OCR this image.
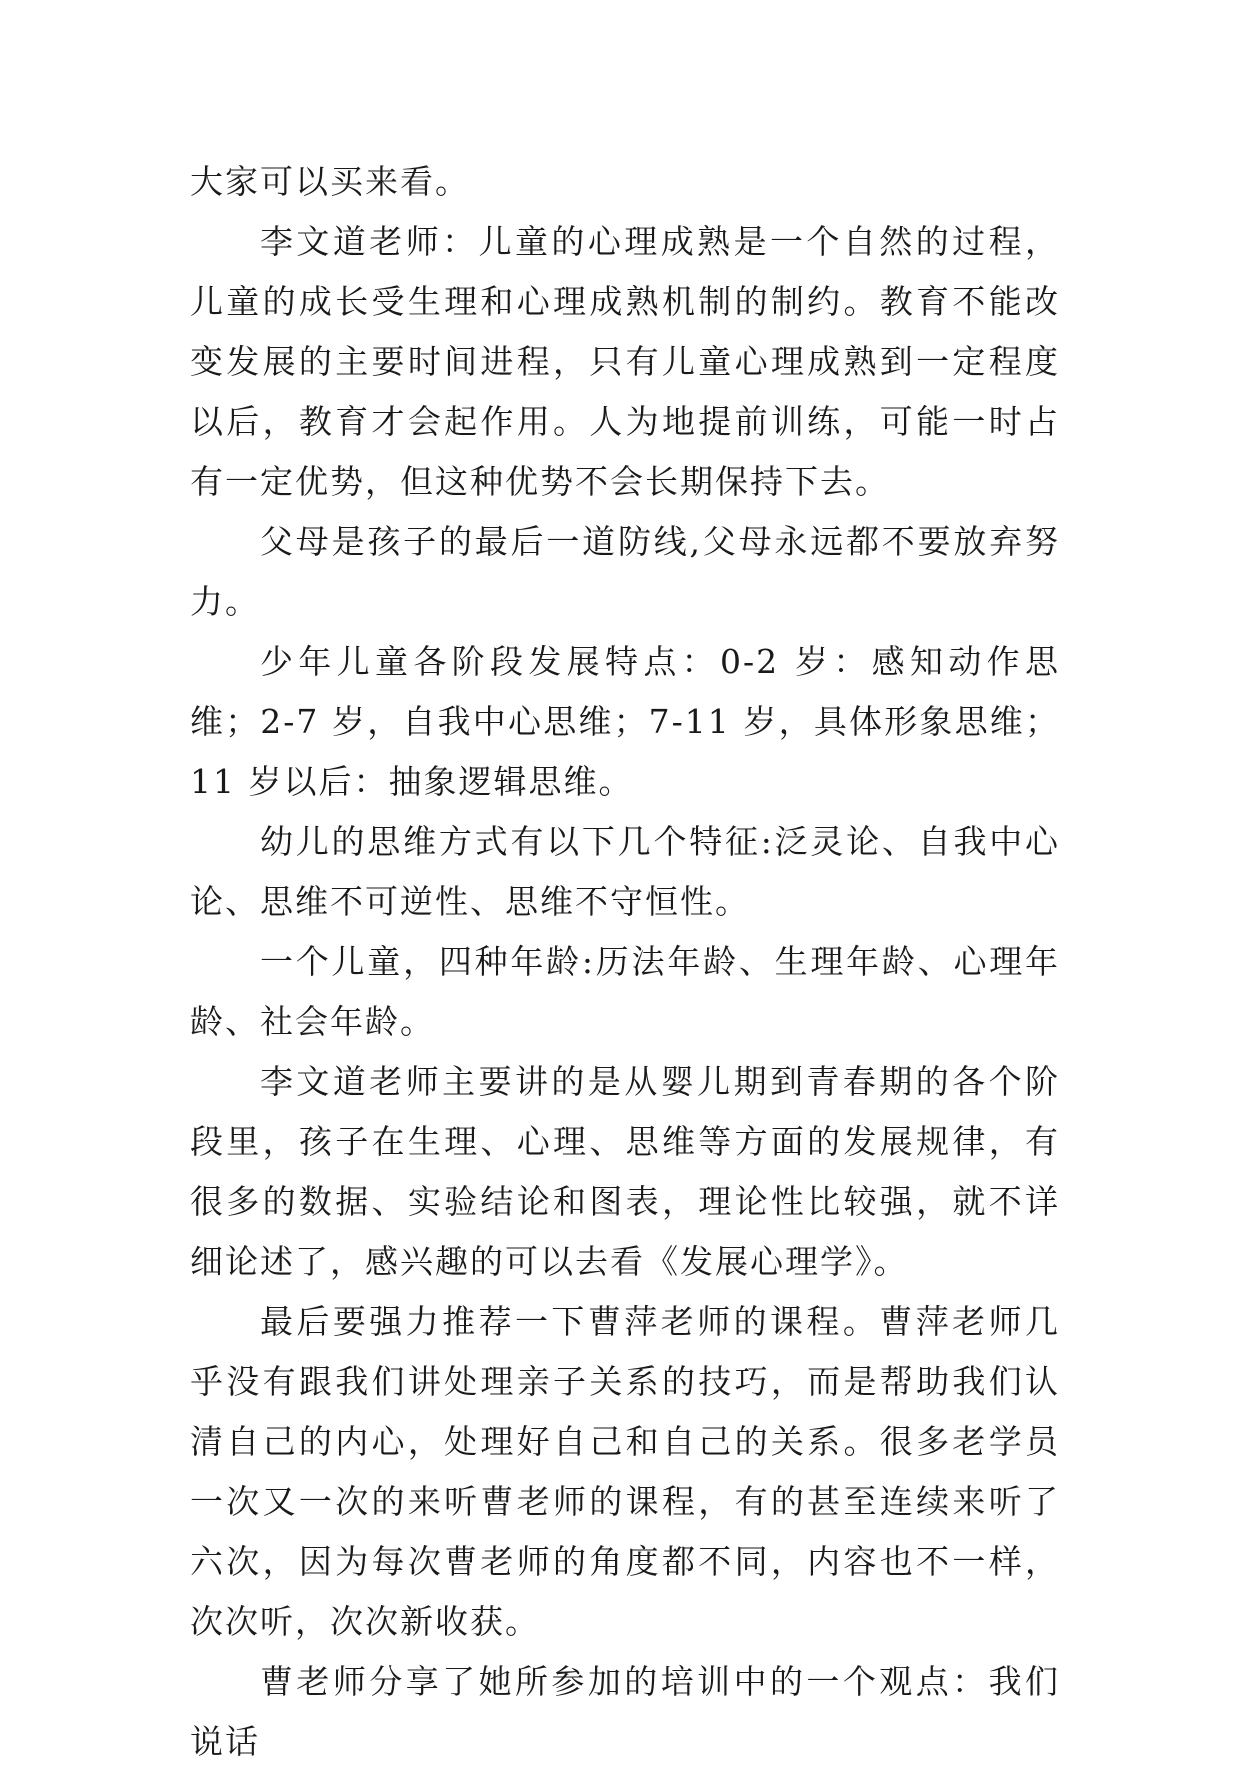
大家可以买来看。

李文道老师：儿童的心理成熟是一个自然的过程，儿童的成长受生理和心理成熟机制的制约。教育不能改变发展的主要时间进程，只有儿童心理成熟到一定程度以后，教育才会起作用。人为地提前训练，可能一时占有一定优势，但这种优势不会长期保持下去。

父母是孩子的最后一道防线,父母永远都不要放弃努力。

少年儿童各阶段发展特点：0-2 岁：感知动作思维；2-7 岁，自我中心思维；7-11 岁，具体形象思维；11 岁以后：抽象逻辑思维。

幼儿的思维方式有以下几个特征:泛灵论、自我中心论、思维不可逆性、思维不守恒性。

一个儿童，四种年龄:历法年龄、生理年龄、心理年龄、社会年龄。

李文道老师主要讲的是从婴儿期到青春期的各个阶段里，孩子在生理、心理、思维等方面的发展规律，有很多的数据、实验结论和图表，理论性比较强，就不详细论述了，感兴趣的可以去看《发展心理学》。

最后要强力推荐一下曹萍老师的课程。曹萍老师几乎没有跟我们讲处理亲子关系的技巧，而是帮助我们认清自己的内心，处理好自己和自己的关系。很多老学员一次又一次的来听曹老师的课程，有的甚至连续来听了六次，因为每次曹老师的角度都不同，内容也不一样，次次听，次次新收获。

曹老师分享了她所参加的培训中的一个观点：我们说话
